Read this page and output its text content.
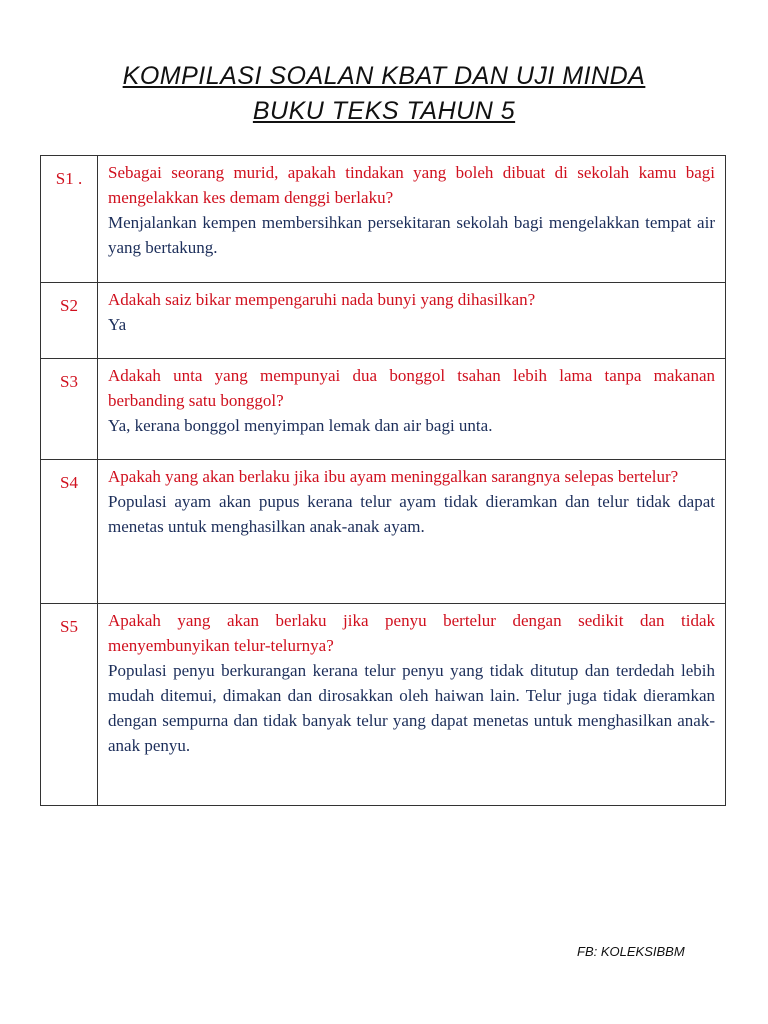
KOMPILASI SOALAN KBAT DAN UJI MINDA
BUKU TEKS TAHUN 5
S1 .	Sebagai seorang murid, apakah tindakan yang boleh dibuat di sekolah kamu bagi mengelakkan kes demam denggi berlaku?
Menjalankan kempen membersihkan persekitaran sekolah bagi mengelakkan tempat air yang bertakung.

S2	Adakah saiz bikar mempengaruhi nada bunyi yang dihasilkan?
Ya

S3	Adakah unta yang mempunyai dua bonggol tsahan lebih lama tanpa makanan berbanding satu bonggol?
Ya, kerana bonggol menyimpan lemak dan air bagi unta.

S4	Apakah yang akan berlaku jika ibu ayam meninggalkan sarangnya selepas bertelur?
Populasi ayam akan pupus kerana telur ayam tidak dieramkan dan telur tidak dapat menetas untuk menghasilkan anak-anak ayam.

S5	Apakah yang akan berlaku jika penyu bertelur dengan sedikit dan tidak menyembunyikan telur-telurnya?
Populasi penyu berkurangan kerana telur penyu yang tidak ditutup dan terdedah lebih mudah ditemui, dimakan dan dirosakkan oleh haiwan lain. Telur juga tidak dieramkan dengan sempurna dan tidak banyak telur yang dapat menetas untuk menghasilkan anak-anak penyu.
FB: KOLEKSIBBM
